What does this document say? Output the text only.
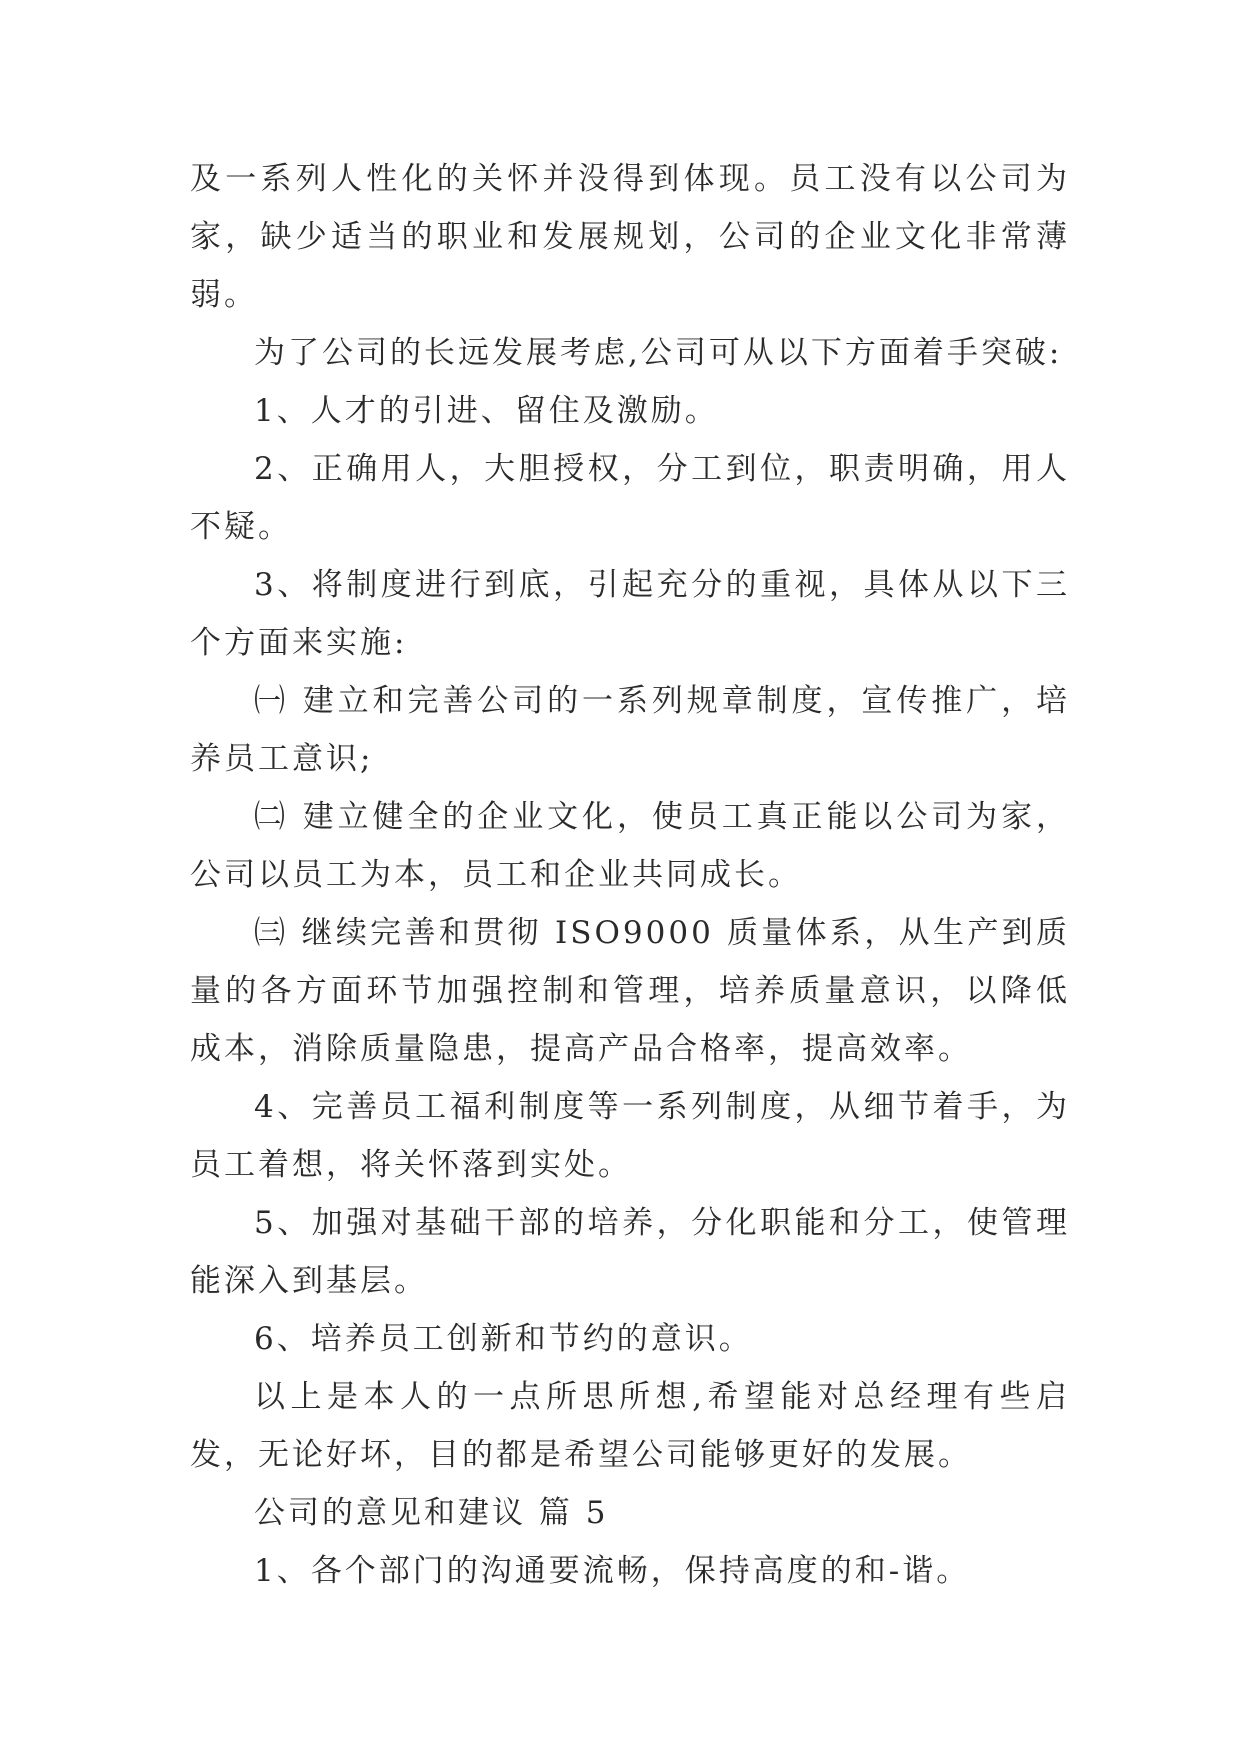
及一系列人性化的关怀并没得到体现。员工没有以公司为家，缺少适当的职业和发展规划，公司的企业文化非常薄弱。

为了公司的长远发展考虑,公司可从以下方面着手突破:

1、人才的引进、留住及激励。

2、正确用人，大胆授权，分工到位，职责明确，用人不疑。

3、将制度进行到底，引起充分的重视，具体从以下三个方面来实施:

㈠ 建立和完善公司的一系列规章制度，宣传推广，培养员工意识;

㈡ 建立健全的企业文化，使员工真正能以公司为家，公司以员工为本，员工和企业共同成长。

㈢ 继续完善和贯彻 ISO9000 质量体系，从生产到质量的各方面环节加强控制和管理，培养质量意识，以降低成本，消除质量隐患，提高产品合格率，提高效率。

4、完善员工福利制度等一系列制度，从细节着手，为员工着想，将关怀落到实处。

5、加强对基础干部的培养，分化职能和分工，使管理能深入到基层。

6、培养员工创新和节约的意识。

以上是本人的一点所思所想,希望能对总经理有些启发，无论好坏，目的都是希望公司能够更好的发展。

公司的意见和建议 篇 5

1、各个部门的沟通要流畅，保持高度的和-谐。
